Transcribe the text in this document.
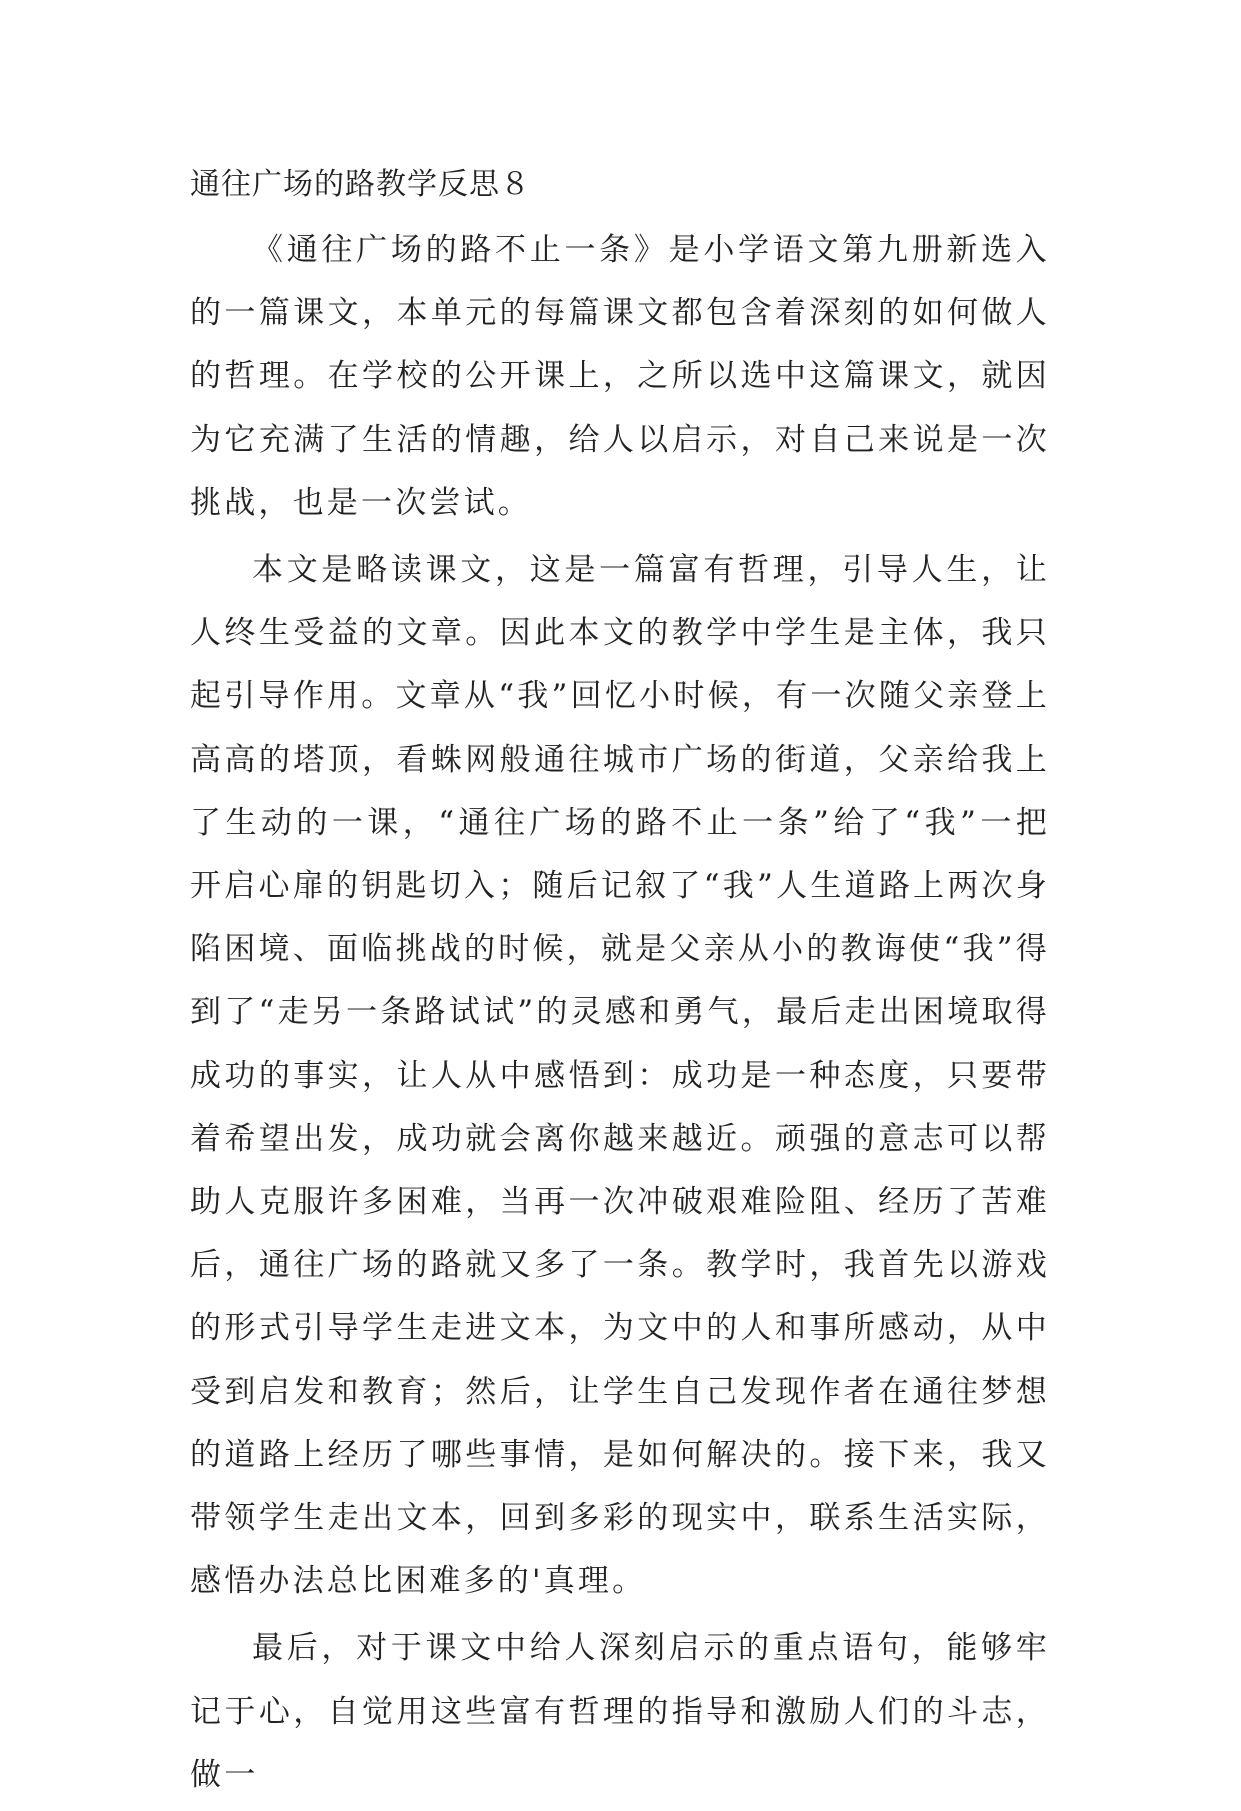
通往广场的路教学反思８

《通往广场的路不止一条》是小学语文第九册新选入的一篇课文，本单元的每篇课文都包含着深刻的如何做人的哲理。在学校的公开课上，之所以选中这篇课文，就因为它充满了生活的情趣，给人以启示，对自己来说是一次挑战，也是一次尝试。

本文是略读课文，这是一篇富有哲理，引导人生，让人终生受益的文章。因此本文的教学中学生是主体，我只起引导作用。文章从“我”回忆小时候，有一次随父亲登上高高的塔顶，看蛛网般通往城市广场的街道，父亲给我上了生动的一课，“通往广场的路不止一条”给了“我”一把开启心扉的钥匙切入；随后记叙了“我”人生道路上两次身陷困境、面临挑战的时候，就是父亲从小的教诲使“我”得到了“走另一条路试试”的灵感和勇气，最后走出困境取得成功的事实，让人从中感悟到：成功是一种态度，只要带着希望出发，成功就会离你越来越近。顽强的意志可以帮助人克服许多困难，当再一次冲破艰难险阻、经历了苦难后，通往广场的路就又多了一条。教学时，我首先以游戏的形式引导学生走进文本，为文中的人和事所感动，从中受到启发和教育；然后，让学生自己发现作者在通往梦想的道路上经历了哪些事情，是如何解决的。接下来，我又带领学生走出文本，回到多彩的现实中，联系生活实际，感悟办法总比困难多的'真理。

最后，对于课文中给人深刻启示的重点语句，能够牢记于心，自觉用这些富有哲理的指导和激励人们的斗志，做一
